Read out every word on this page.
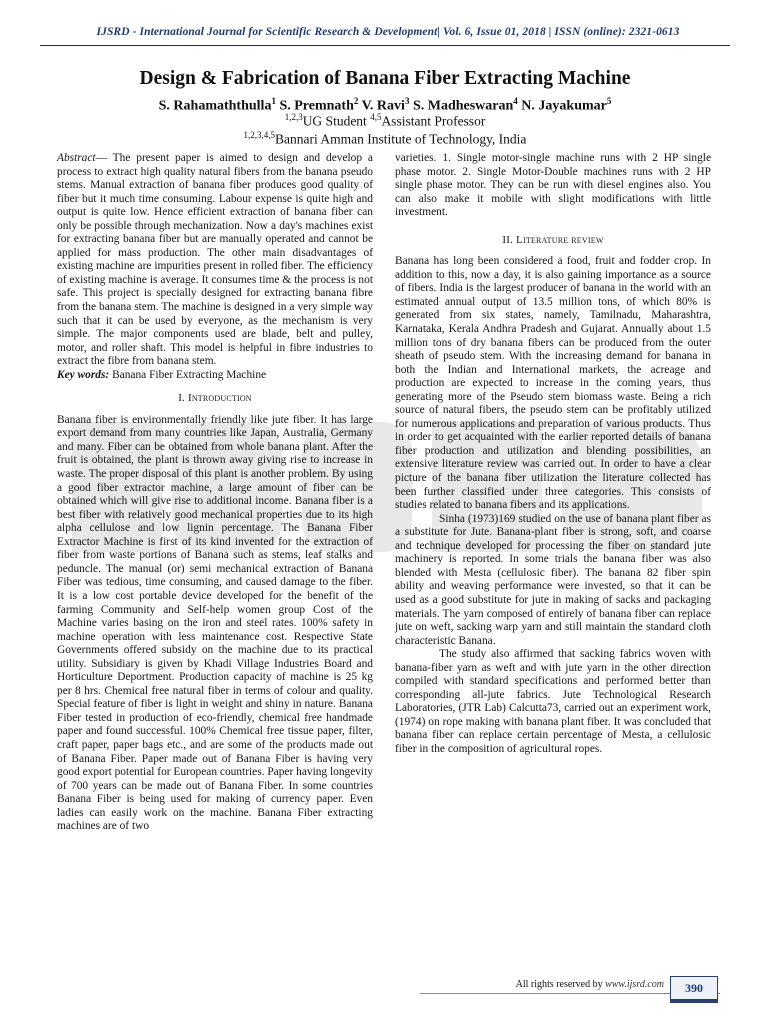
IJSRD - International Journal for Scientific Research & Development| Vol. 6, Issue 01, 2018 | ISSN (online): 2321-0613
Design & Fabrication of Banana Fiber Extracting Machine
S. Rahamaththulla$^1$ S. Premnath$^2$ V. Ravi$^3$ S. Madheswaran$^4$ N. Jayakumar$^5$
$^{1,2,3}$UG Student $^{4,5}$Assistant Professor
$^{1,2,3,4,5}$Bannari Amman Institute of Technology, India

Abstract— The present paper is aimed to design and develop a process to extract high quality natural fibers from the banana pseudo stems. Manual extraction of banana fiber produces good quality of fiber but it much time consuming. Labour expense is quite high and output is quite low. Hence efficient extraction of banana fiber can only be possible through mechanization. Now a day's machines exist for extracting banana fiber but are manually operated and cannot be applied for mass production. The other main disadvantages of existing machine are impurities present in rolled fiber. The efficiency of existing machine is average. It consumes time & the process is not safe. This project is specially designed for extracting banana fibre from the banana stem. The machine is designed in a very simple way such that it can be used by everyone, as the mechanism is very simple. The major components used are blade, belt and pulley, motor, and roller shaft. This model is helpful in fibre industries to extract the fibre from banana stem.

Key words: Banana Fiber Extracting Machine

I. Introduction

Banana fiber is environmentally friendly like jute fiber. It has large export demand from many countries like Japan, Australia, Germany and many. Fiber can be obtained from whole banana plant. After the fruit is obtained, the plant is thrown away giving rise to increase in waste. The proper disposal of this plant is another problem. By using a good fiber extractor machine, a large amount of fiber can be obtained which will give rise to additional income. Banana fiber is a best fiber with relatively good mechanical properties due to its high alpha cellulose and low lignin percentage. The Banana Fiber Extractor Machine is first of its kind invented for the extraction of fiber from waste portions of Banana such as stems, leaf stalks and peduncle. The manual (or) semi mechanical extraction of Banana Fiber was tedious, time consuming, and caused damage to the fiber. It is a low cost portable device developed for the benefit of the farming Community and Self-help women group Cost of the Machine varies basing on the iron and steel rates. 100% safety in machine operation with less maintenance cost. Respective State Governments offered subsidy on the machine due to its practical utility. Subsidiary is given by Khadi Village Industries Board and Horticulture Deportment. Production capacity of machine is 25 kg per 8 hrs. Chemical free natural fiber in terms of colour and quality. Special feature of fiber is light in weight and shiny in nature. Banana Fiber tested in production of eco-friendly, chemical free handmade paper and found successful. 100% Chemical free tissue paper, filter, craft paper, paper bags etc., and are some of the products made out of Banana Fiber. Paper made out of Banana Fiber is having very good export potential for European countries. Paper having longevity of 700 years can be made out of Banana Fiber. In some countries Banana Fiber is being used for making of currency paper. Even ladies can easily work on the machine. Banana Fiber extracting machines are of two

varieties. 1. Single motor-single machine runs with 2 HP single phase motor. 2. Single Motor-Double machines runs with 2 HP single phase motor. They can be run with diesel engines also. You can also make it mobile with slight modifications with little investment.

II. Literature review

Banana has long been considered a food, fruit and fodder crop. In addition to this, now a day, it is also gaining importance as a source of fibers. India is the largest producer of banana in the world with an estimated annual output of 13.5 million tons, of which 80% is generated from six states, namely, Tamilnadu, Maharashtra, Karnataka, Kerala Andhra Pradesh and Gujarat. Annually about 1.5 million tons of dry banana fibers can be produced from the outer sheath of pseudo stem. With the increasing demand for banana in both the Indian and International markets, the acreage and production are expected to increase in the coming years, thus generating more of the Pseudo stem biomass waste. Being a rich source of natural fibers, the pseudo stem can be profitably utilized for numerous applications and preparation of various products. Thus in order to get acquainted with the earlier reported details of banana fiber production and utilization and blending possibilities, an extensive literature review was carried out. In order to have a clear picture of the banana fiber utilization the literature collected has been further classified under three categories. This consists of studies related to banana fibers and its applications.

Sinha (1973)169 studied on the use of banana plant fiber as a substitute for Jute. Banana-plant fiber is strong, soft, and coarse and technique developed for processing the fiber on standard jute machinery is reported. In some trials the banana fiber was also blended with Mesta (cellulosic fiber). The banana 82 fiber spin ability and weaving performance were invested, so that it can be used as a good substitute for jute in making of sacks and packaging materials. The yarn composed of entirely of banana fiber can replace jute on weft, sacking warp yarn and still maintain the standard cloth characteristic Banana.

The study also affirmed that sacking fabrics woven with banana-fiber yarn as weft and with jute yarn in the other direction compiled with standard specifications and performed better than corresponding all-jute fabrics. Jute Technological Research Laboratories, (JTR Lab) Calcutta73, carried out an experiment work, (1974) on rope making with banana plant fiber. It was concluded that banana fiber can replace certain percentage of Mesta, a cellulosic fiber in the composition of agricultural ropes.

All rights reserved by www.ijsrd.com	390
